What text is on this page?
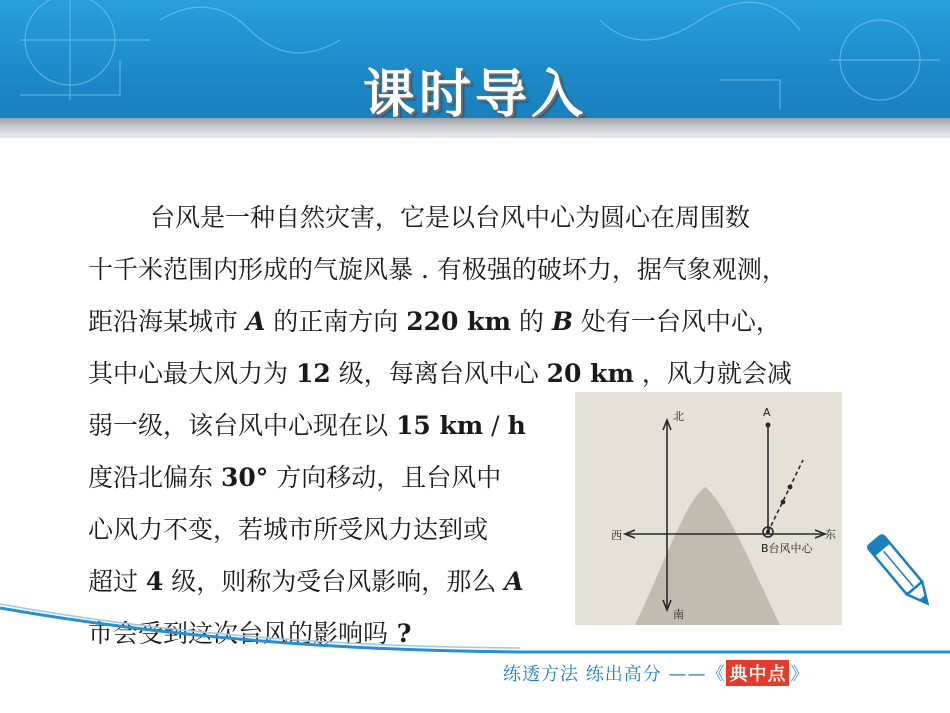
课时导入
台风是一种自然灾害，它是以台风中心为圆心在周围数
十千米范围内形成的气旋风暴 . 有极强的破坏力，据气象观测，
距沿海某城市 A 的正南方向 220 km 的 B 处有一台风中心，
其中心最大风力为 12 级，每离台风中心 20 km ，风力就会减
弱一级，该台风中心现在以 15 km / h
度沿北偏东 30° 方向移动，且台风中
心风力不变，若城市所受风力达到或
超过 4 级，则称为受台风影响，那么 A
市会受到这次台风的影响吗 ?
北
南
东
西
A
B台风中心
练透方法 练出高分 ——《 典中点 》
